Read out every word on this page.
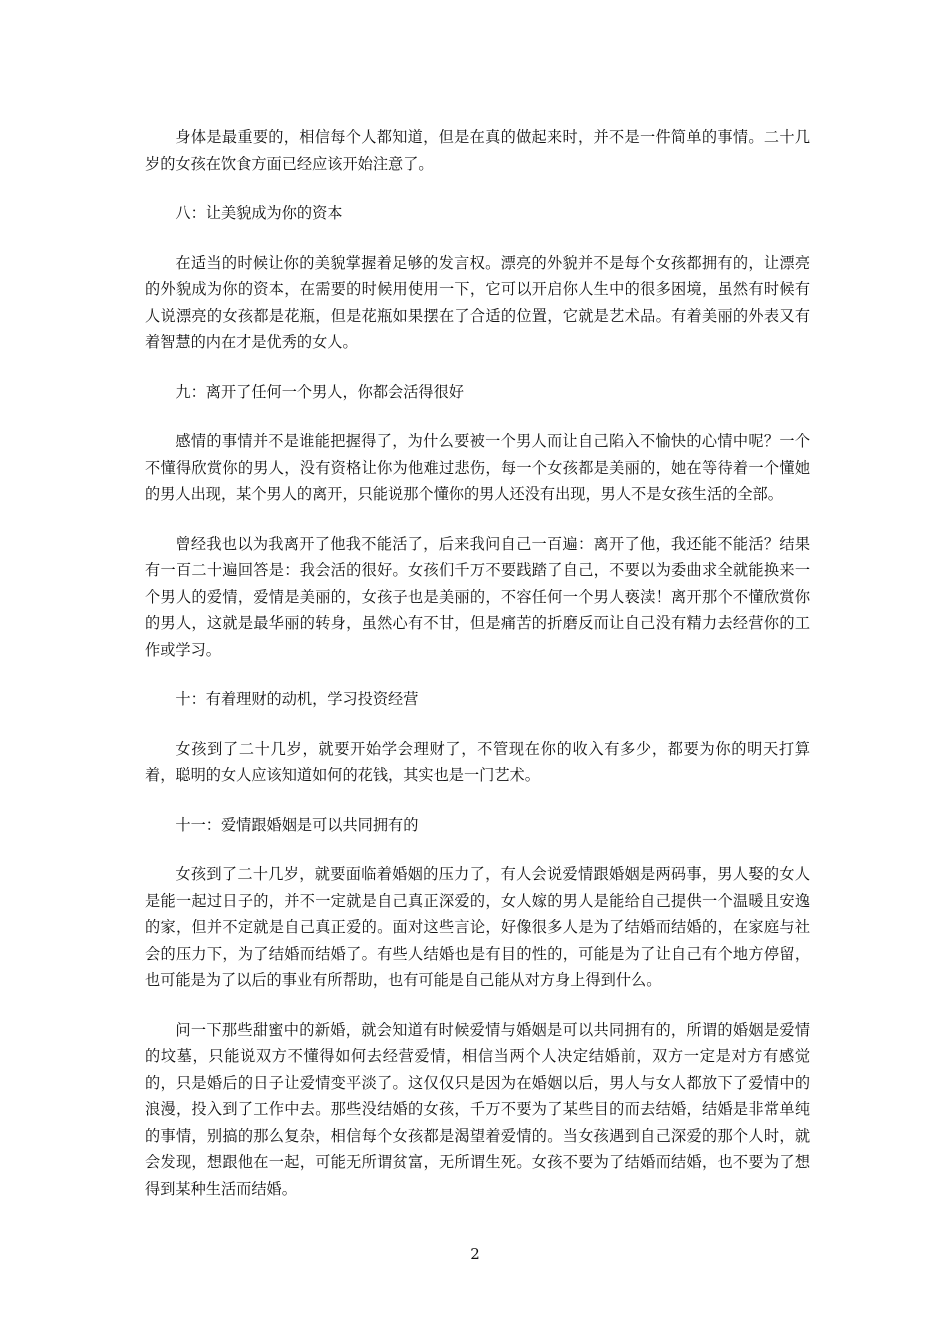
身体是最重要的，相信每个人都知道，但是在真的做起来时，并不是一件简单的事情。二十几岁的女孩在饮食方面已经应该开始注意了。

八：让美貌成为你的资本

在适当的时候让你的美貌掌握着足够的发言权。漂亮的外貌并不是每个女孩都拥有的，让漂亮的外貌成为你的资本，在需要的时候用使用一下，它可以开启你人生中的很多困境，虽然有时候有人说漂亮的女孩都是花瓶，但是花瓶如果摆在了合适的位置，它就是艺术品。有着美丽的外表又有着智慧的内在才是优秀的女人。

九：离开了任何一个男人，你都会活得很好

感情的事情并不是谁能把握得了，为什么要被一个男人而让自己陷入不愉快的心情中呢？一个不懂得欣赏你的男人，没有资格让你为他难过悲伤，每一个女孩都是美丽的，她在等待着一个懂她的男人出现，某个男人的离开，只能说那个懂你的男人还没有出现，男人不是女孩生活的全部。

曾经我也以为我离开了他我不能活了，后来我问自己一百遍：离开了他，我还能不能活？结果有一百二十遍回答是：我会活的很好。女孩们千万不要践踏了自己，不要以为委曲求全就能换来一个男人的爱情，爱情是美丽的，女孩子也是美丽的，不容任何一个男人亵渎！离开那个不懂欣赏你的男人，这就是最华丽的转身，虽然心有不甘，但是痛苦的折磨反而让自己没有精力去经营你的工作或学习。

十：有着理财的动机，学习投资经营

女孩到了二十几岁，就要开始学会理财了，不管现在你的收入有多少，都要为你的明天打算着，聪明的女人应该知道如何的花钱，其实也是一门艺术。

十一：爱情跟婚姻是可以共同拥有的

女孩到了二十几岁，就要面临着婚姻的压力了，有人会说爱情跟婚姻是两码事，男人娶的女人是能一起过日子的，并不一定就是自己真正深爱的，女人嫁的男人是能给自己提供一个温暖且安逸的家，但并不定就是自己真正爱的。面对这些言论，好像很多人是为了结婚而结婚的，在家庭与社会的压力下，为了结婚而结婚了。有些人结婚也是有目的性的，可能是为了让自己有个地方停留，也可能是为了以后的事业有所帮助，也有可能是自己能从对方身上得到什么。

问一下那些甜蜜中的新婚，就会知道有时候爱情与婚姻是可以共同拥有的，所谓的婚姻是爱情的坟墓，只能说双方不懂得如何去经营爱情，相信当两个人决定结婚前，双方一定是对方有感觉的，只是婚后的日子让爱情变平淡了。这仅仅只是因为在婚姻以后，男人与女人都放下了爱情中的浪漫，投入到了工作中去。那些没结婚的女孩，千万不要为了某些目的而去结婚，结婚是非常单纯的事情，别搞的那么复杂，相信每个女孩都是渴望着爱情的。当女孩遇到自己深爱的那个人时，就会发现，想跟他在一起，可能无所谓贫富，无所谓生死。女孩不要为了结婚而结婚，也不要为了想得到某种生活而结婚。

2
